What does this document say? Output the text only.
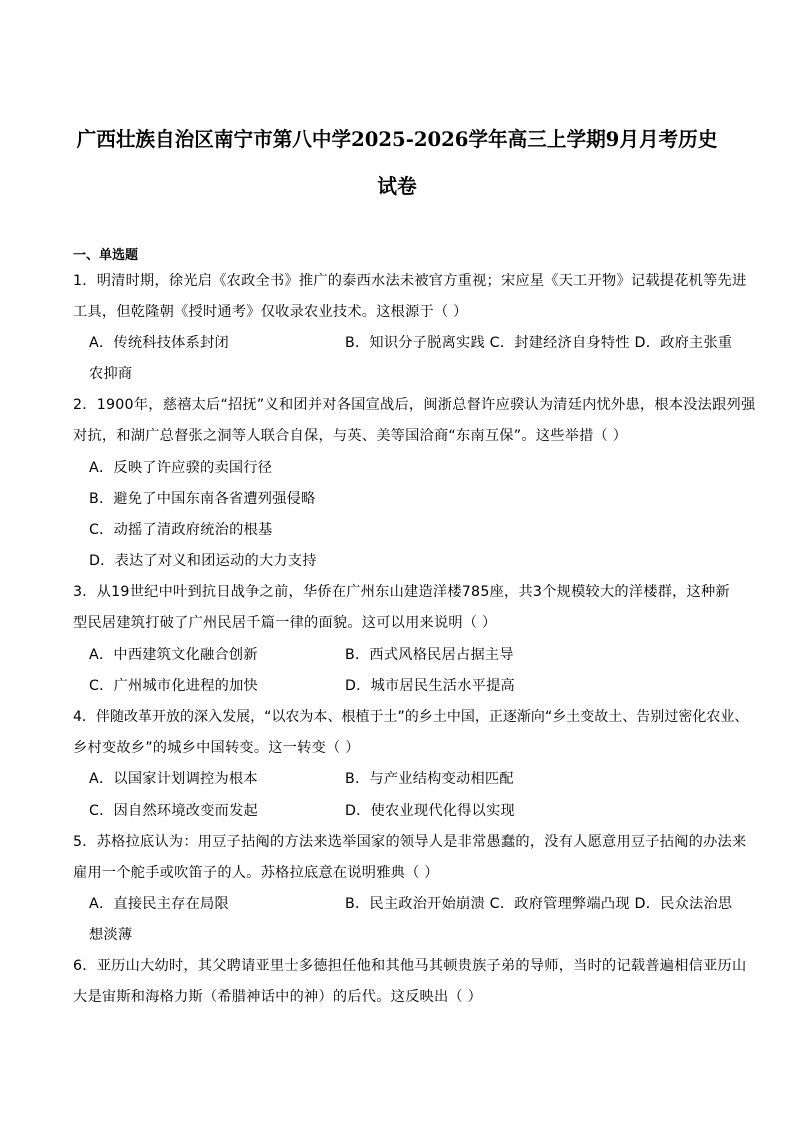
广西壮族自治区南宁市第八中学2025-2026学年高三上学期9月月考历史
试卷
一、单选题
1．明清时期，徐光启《农政全书》推广的泰西水法未被官方重视；宋应星《天工开物》记载提花机等先进
工具，但乾隆朝《授时通考》仅收录农业技术。这根源于（ ）
A．传统科技体系封闭	B．知识分子脱离实践 C．封建经济自身特性 D．政府主张重
农抑商
2．1900年，慈禧太后“招抚”义和团并对各国宣战后，闽浙总督许应骙认为清廷内忧外患，根本没法跟列强
对抗，和湖广总督张之洞等人联合自保，与英、美等国洽商“东南互保”。这些举措（ ）
A．反映了许应骙的卖国行径
B．避免了中国东南各省遭列强侵略
C．动摇了清政府统治的根基
D．表达了对义和团运动的大力支持
3．从19世纪中叶到抗日战争之前，华侨在广州东山建造洋楼785座，共3个规模较大的洋楼群，这种新
型民居建筑打破了广州民居千篇一律的面貌。这可以用来说明（ ）
A．中西建筑文化融合创新	B．西式风格民居占据主导
C．广州城市化进程的加快	D．城市居民生活水平提高
4．伴随改革开放的深入发展，“以农为本、根植于土”的乡土中国，正逐渐向“乡土变故土、告别过密化农业、
乡村变故乡”的城乡中国转变。这一转变（ ）
A．以国家计划调控为根本	B．与产业结构变动相匹配
C．因自然环境改变而发起	D．使农业现代化得以实现
5．苏格拉底认为：用豆子拈阄的方法来选举国家的领导人是非常愚蠢的，没有人愿意用豆子拈阄的办法来
雇用一个舵手或吹笛子的人。苏格拉底意在说明雅典（ ）
A．直接民主存在局限	B．民主政治开始崩溃 C．政府管理弊端凸现 D．民众法治思
想淡薄
6．亚历山大幼时，其父聘请亚里士多德担任他和其他马其顿贵族子弟的导师，当时的记载普遍相信亚历山
大是宙斯和海格力斯（希腊神话中的神）的后代。这反映出（ ）
